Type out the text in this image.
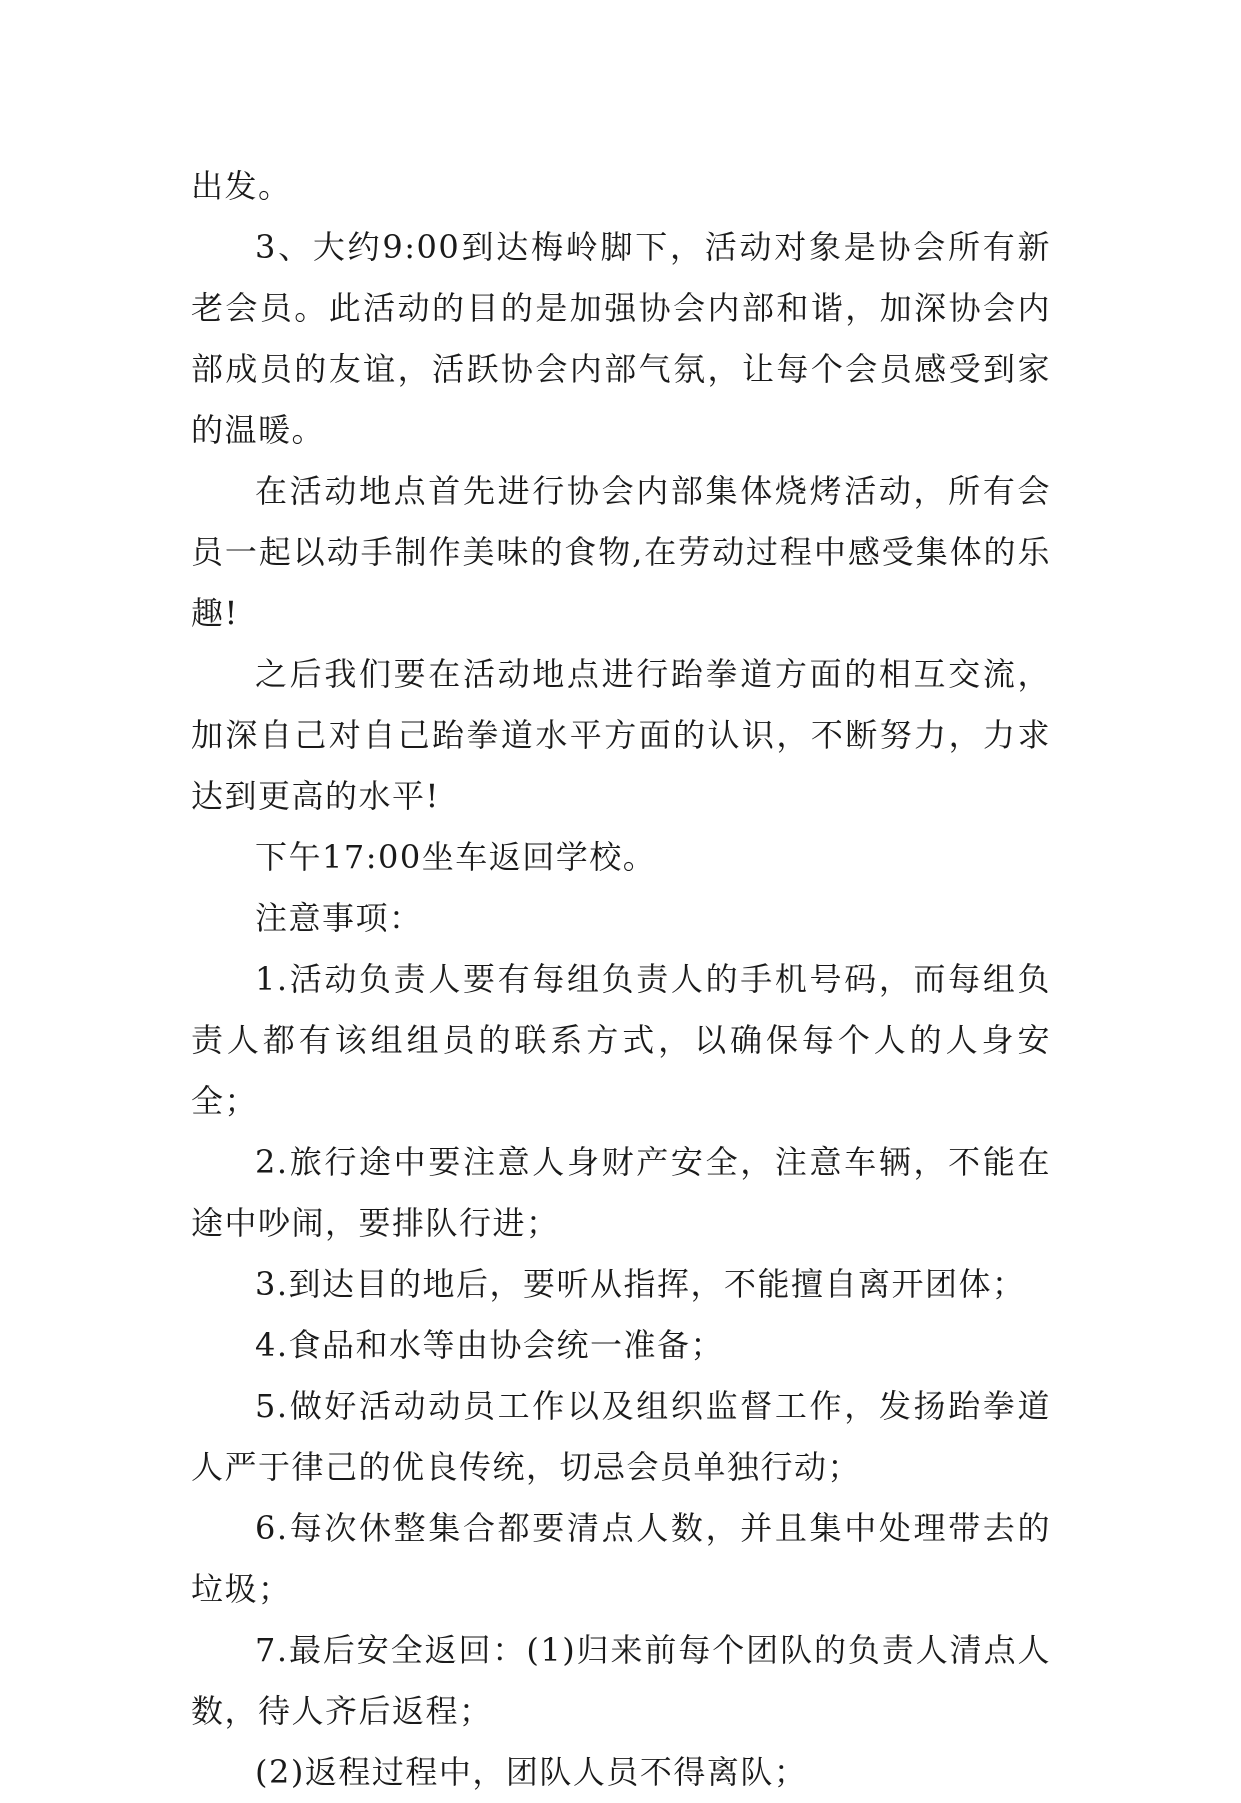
出发。

3、大约9:00到达梅岭脚下，活动对象是协会所有新老会员。此活动的目的是加强协会内部和谐，加深协会内部成员的友谊，活跃协会内部气氛，让每个会员感受到家的温暖。

在活动地点首先进行协会内部集体烧烤活动，所有会员一起以动手制作美味的食物,在劳动过程中感受集体的乐趣!

之后我们要在活动地点进行跆拳道方面的相互交流，加深自己对自己跆拳道水平方面的认识，不断努力，力求达到更高的水平!

下午17:00坐车返回学校。

注意事项：

1.活动负责人要有每组负责人的手机号码，而每组负责人都有该组组员的联系方式，以确保每个人的人身安全；

2.旅行途中要注意人身财产安全，注意车辆，不能在途中吵闹，要排队行进；

3.到达目的地后，要听从指挥，不能擅自离开团体；

4.食品和水等由协会统一准备；

5.做好活动动员工作以及组织监督工作，发扬跆拳道人严于律己的优良传统，切忌会员单独行动；

6.每次休整集合都要清点人数，并且集中处理带去的垃圾；

7.最后安全返回：(1)归来前每个团队的负责人清点人数，待人齐后返程；

(2)返程过程中，团队人员不得离队；
